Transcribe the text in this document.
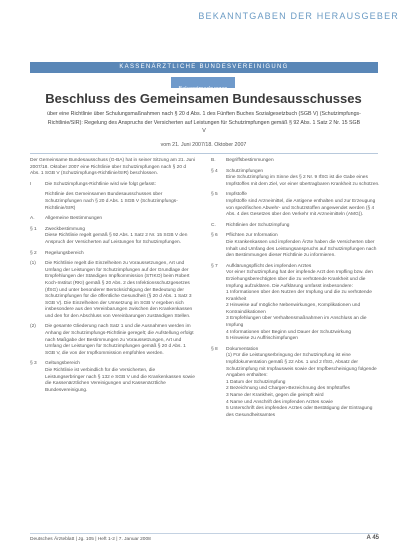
BEKANNTGABEN DER HERAUSGEBER
KASSENÄRZTLICHE BUNDESVEREINIGUNG
Bekanntmachungen
Beschluss des Gemeinsamen Bundesausschusses
über eine Richtlinie über Schulungsmaßnahmen nach § 20 d Abs. 1 des Fünften Buches Sozialgesetzbuch (SGB V) (Schutzimpfungs-Richtlinie/SIR): Regelung des Anspruchs der Versicherten auf Leistungen für Schutzimpfungen gemäß § 92 Abs. 1 Satz 2 Nr. 15 SGB V
vom 21. Juni 2007/18. Oktober 2007

Der Gemeinsame Bundesausschuss (G-BA) hat in seiner Sitzung am 21. Juni 2007/18. Oktober 2007 eine Richtlinie über Schutzimpfungen nach § 20 d Abs. 1 SGB V (Schutzimpfungs-Richtlinie/SIR) beschlossen.

I	Die Schutzimpfungs-Richtlinie wird wie folgt gefasst:

Richtlinie des Gemeinsamen Bundesausschusses über Schutzimpfungen nach § 20 d Abs. 1 SGB V (Schutzimpfungs-Richtlinie/SIR)

A.	Allgemeine Bestimmungen
§ 1	Zweckbestimmung
Diese Richtlinie regelt gemäß § 92 Abs. 1 Satz 2 Nr. 15 SGB V den Anspruch der Versicherten auf Leistungen für Schutzimpfungen.
§ 2	Regelungsbereich
(1)	Die Richtlinie regelt die Einzelheiten zu Voraussetzungen, Art und Umfang der Leistungen für Schutzimpfungen auf der Grundlage der Empfehlungen der Ständigen Impfkommission (STIKO) beim Robert Koch-Institut (RKI) gemäß § 20 Abs. 2 des Infektionsschutzgesetzes (IfSG) und unter besonderer Berücksichtigung der Bedeutung der Schutzimpfungen für die öffentliche Gesundheit (§ 20 d Abs. 1 Satz 3 SGB V). Die Einzelheiten der Umsetzung im SGB V ergeben sich insbesondere aus den Vereinbarungen zwischen den Krankenkassen und den für den Abschluss von Vereinbarungen zuständigen Stellen.
(2)	Die gesamte Gliederung nach Satz 1 und die Ausnahmen werden im Anhang der Schutzimpfungs-Richtlinie geregelt; die Aufstellung erfolgt nach Maßgabe der Bestimmungen zu Voraussetzungen, Art und Umfang der Leistungen für Schutzimpfungen gemäß § 20 d Abs. 1 SGB V, die von der Impfkommission empfohlen werden.
§ 3	Geltungsbereich
Die Richtlinie ist verbindlich für die Versicherten, die Leistungserbringer nach § 132 e SGB V und die Krankenkassen sowie die Kassenärztlichen Vereinigungen und Kassenärztliche Bundesvereinigung.
B.	Begriffsbestimmungen
§ 4	Schutzimpfungen
Eine Schutzimpfung im Sinne des § 2 Nr. 9 IfSG ist die Gabe eines Impfstoffes mit dem Ziel, vor einer übertragbaren Krankheit zu schützen.
§ 5	Impfstoffe
Impfstoffe sind Arzneimittel, die Antigene enthalten und zur Erzeugung von spezifischen Abwehr- und Schutzstoffen angewendet werden (§ 4 Abs. 4 des Gesetzes über den Verkehr mit Arzneimitteln (AMG)).
C.	Richtlinien der Schutzimpfung
§ 6	Pflichten zur Information
Die Krankenkassen und impfenden Ärzte haben die Versicherten über Inhalt und Umfang des Leistungsanspruchs auf Schutzimpfungen nach den Bestimmungen dieser Richtlinie zu informieren.
§ 7	Aufklärungspflicht des impfenden Arztes
Vor einer Schutzimpfung hat der impfende Arzt den Impfling bzw. den Erziehungsberechtigten über die zu verhütende Krankheit und die Impfung aufzuklären. Die Aufklärung umfasst insbesondere:
1 Informationen über den Nutzen der Impfung und die zu verhütende Krankheit
2 Hinweise auf mögliche Nebenwirkungen, Komplikationen und Kontraindikationen
3 Empfehlungen über Verhaltensmaßnahmen im Anschluss an die Impfung
4 Informationen über Beginn und Dauer der Schutzwirkung
5 Hinweise zu Auffrischimpfungen
§ 8	Dokumentation
(1) Für die Leistungserbringung der Schutzimpfung ist eine Impfdokumentation gemäß § 22 Abs. 1 und 2 IfSG, Absatz der Schutzimpfung mit Impfausweis sowie der Impfbescheinigung folgende Angaben enthalten:
1 Datum der Schutzimpfung
2 Bezeichnung und Chargen-Bezeichnung des Impfstoffes
3 Name der Krankheit, gegen die geimpft wird
4 Name und Anschrift des impfenden Arztes sowie
5 Unterschrift des impfenden Arztes oder Bestätigung der Eintragung des Gesundheitsamtes
Deutsches Ärzteblatt | Jg. 105 | Heft 1-2 | 7. Januar 2008	A 45
